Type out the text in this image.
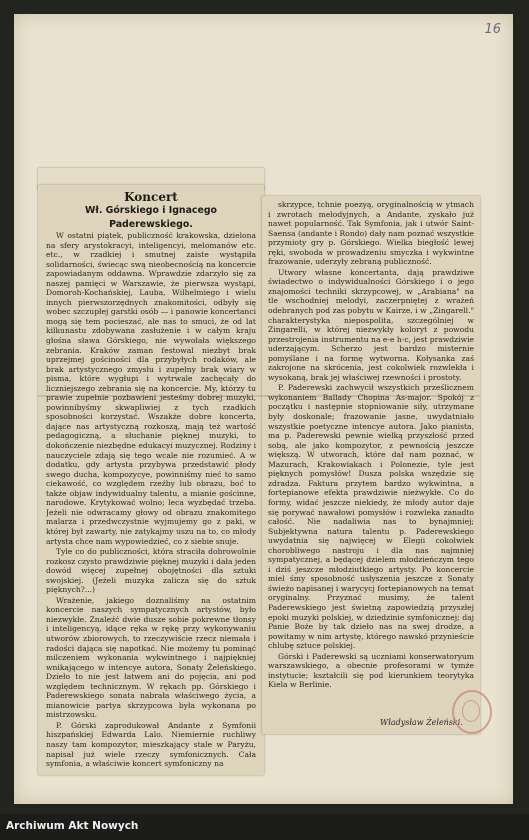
16
Koncert
Wł. Górskiego i Ignacego Paderewskiego.

W ostatni piątek, publiczność krakowska, dzielona na sfery arystokracyi, inteligencyi, melomanów etc. etc., w rzadkiej i smutnej zaiste wystąpiła solidarności, świecąc swą nieobecnością na koncercie zapowiadanym oddawna. Wprawdzie zdarzyło się za naszej pamięci w Warszawie, że pierwsza wystąpi, Domoroh-Kochańskiej, Lauba, Wilhelmiego i wielu innych pierwszorzędnych znakomitości, odbyły się wobec szczupłej garstki osób — i panowie koncertanci mogą się tem pocieszać, ale nas to smuci, że od lat kilkunastu zdobywana zasłużenie i w całym kraju głośna sława Górskiego, nie wywołała większego zebrania. Kraków zaman festowal niezbyt brak uprzejmej gościności dla przybyłych rodaków, ale brak artystycznego zmysłu i zupełny brak wiary w pisma, które wygłupi i wytrwale zachęcały do liczniejszego zebrania się na koncercie. My, którzy tu prawie zupełnie pozbawieni jesteśmy dobrej muzyki, powinnibyśmy skwapliwiej z tych rzadkich sposobności korzystać. Wszakże dobre koncerta, dające nas artystyczną rozkoszą, mają też wartość pedagogiczną, a słuchanie pięknej muzyki, to dokończenie niezbędne edukacyi muzycznej. Rodziny i nauczyciele zdają się tego wcale nie rozumieć. A w dodatku, gdy artysta przybywa przedstawić płody swego ducha, kompozycye, powinniśmy nieć to samo ciekawość, co względem rzeźby lub obrazu, boć to także objaw indywidualny talentu, a mianie gościnne, narodowe. Krytykować wolno; leca wyzbędać trzeba. Jeżeli nie odwracamy głowy od obrazu znakomitego malarza i przedwczystnie wyjmujemy go z paki, w której był zawarty, nie zatykajmy uszu na to, co młody artysta chce nam wypowiedzieć, co z siebie snuje.

Tyle co do publiczności, która straciła dobrowolnie rozkosz czysto prawdziwie pięknej muzyki i dała jeden dowód więcej zupełnej obojętności dla sztuki swojskiej. (Jeżeli muzyka zalicza się do sztuk pięknych?...)

Wrażenie, jakiego doznaliśmy na ostatnim koncercie naszych sympatycznych artystów, było niezwykłe. Znaleźć dwie dusze sobie pokrewne tłonsy i inteligencyą, idące ręka w rękę przy wykonywaniu utworów zbiorowych, to rzeczywiście rzecz niemała i radości dająca się napotkać. Nie możemy tu pominąć milczeniem wykonania wykwintnego i najpiękniej wnikającego w intencye autora, Sonaty Żeleńskiego. Dzieło to nie jest łatwem ani do pojęcia, ani pod względem technicznym. W rękach pp. Górskiego i Paderewskiego sonata nabrała właściwego życia, a mianowicie partya skrzypcowa była wykonana po mistrzowsku.

P. Górski zaprodukował Andante z Symfonii hiszpańskiej Edwarda Lalo. Niemiernie ruchliwy naszy tam kompozytor, mieszkający stale w Paryżu, napisał już wiele rzeczy symfonicznych. Cała symfonia, a właściwie koncert symfoniczny na

skrzypce, tchnie poezyą, oryginalnością w ytmach i zwrotach melodyjnych, a Andante, zyskało już nawet popularność. Tak Symfonia, jak i utwór Saint-Saensa (andante i Rondo) dały nam poznać wszystkie przymioty gry p. Górskiego. Wielka biegłość lewej ręki, swoboda w prowadzeniu smyczka i wykwintne frazowanie, uderzyły zebraną publiczność.

Utwory własne koncertanta, dają prawdziwe świadectwo o indywidualności Górskiego i o jego znajomości techniki skrzypcowej, w „Arabiana" na tle wschodniej melodyi, zaczerpniętej z wrażeń odebranych pod zas pobytu w Kairze, i w „Zingarell." charakterystyka niepospolita, szczególniej w Zingarelli, w której niezwykły koloryt z powodu przestrojenia instrumentu na e-e h-c, jest prawdziwie uderzającym. Scherzo jest bardzo misternie pomyślane i na formę wytworna. Kołysanka zaś zakrojone na skrócenia, jest cokolwiek rozwlekła i wysokaną, brak jej właściwej rzewności i prostoty.

P. Paderewski zachwycił wszystkich prześlicznem wykonaniem Ballady Chopina As-major. Spokój z początku i następnie stopniowanie siły, utrzymane były doskonale; frazowanie jasne, uwydatniało wszystkie poetyczne intencye autora. Jako pianista, ma p. Paderewski pewnie wielką przyszłość przed sobą, ale jako kompozytor, z pewnością jeszcze większą. W utworach, które dał nam poznać, w Mazurach, Krakowiakach i Polonezie, tyle jest pięknych pomysłów! Dusza polska wszędzie się zdradza. Faktura przytem bardzo wykwintna, a fortepianowe efekta prawdziwie nieżwykłe. Co do formy, widać jeszcze niekiedy, że młody autor daje się porywać nawałowi pomysłów i rozwleka zanadto całość. Nie nadaliwia nas to bynajmniej; Subjektywna natura talentu p. Paderewskiego uwydatnia się najwięcej w Elegii cokolwiek chorobliwego nastroju i dla nas najmniej sympatycznej, a będącej dzielem młodzieńczym tego i dziś jeszcze młodziutkiego artysty. Po koncercie miel śmy sposobność usłyszenia jeszcze z Sonaty świeżo napisanej i warycycj fortepianowych na temat oryginalny. Przyznać musimy, że talent Paderewskiego jest świetną zapowiedzią przyszłej epoki muzyki polskiej, w dziedzinie symfonicznej; daj Panie Boże by tak dzieło nas na swej drodze, a powitamy w nim artystę, którego nawskó przynieście chlubę sztuce polskiej.

Górski i Paderewski są uczniami konserwatoryum warszawskiego, a obecnie profesorami w tymże instytucie; kształcili się pod kierunkiem teorytyka Kiela w Berlinie.

Władysław Żeleński.
Archiwum Akt Nowych
